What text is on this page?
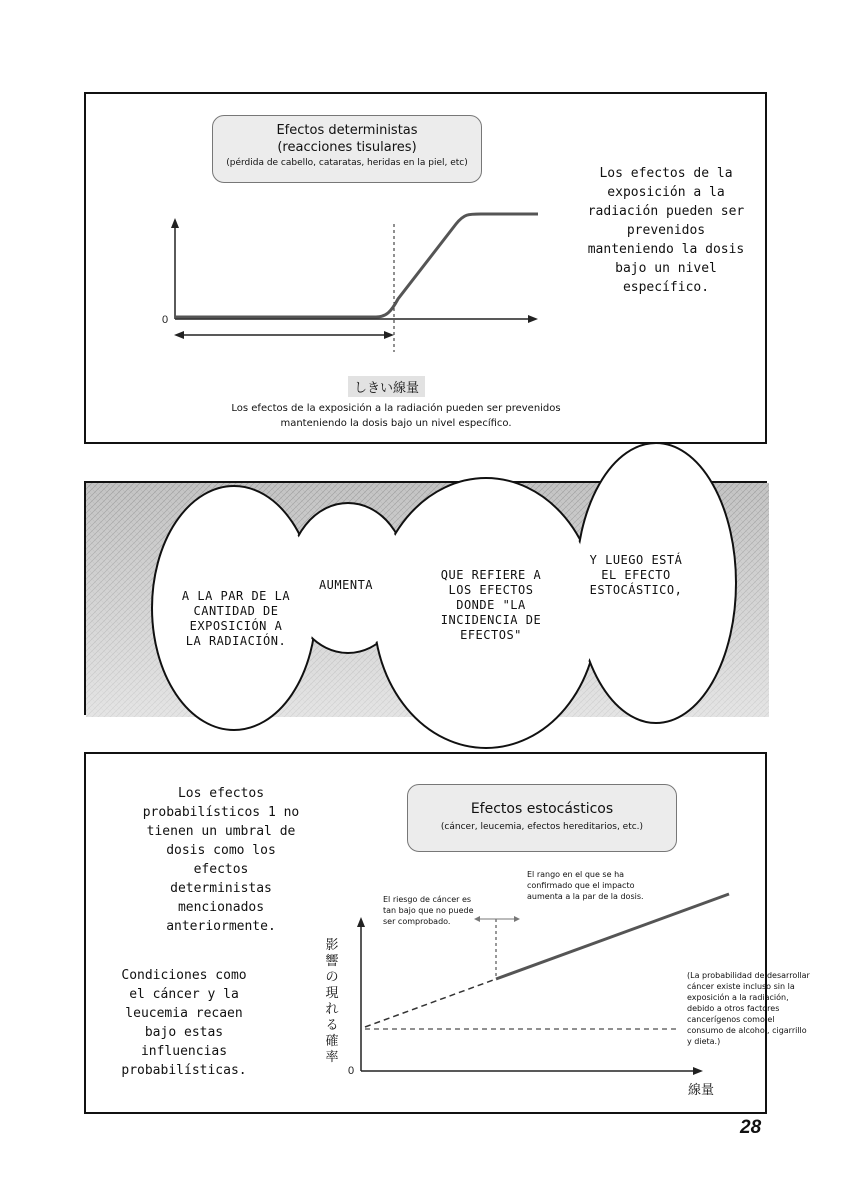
Efectos deterministas
(reacciones tisulares)
(pérdida de cabello, cataratas, heridas en la piel, etc)
0
しきい線量
Los efectos de la exposición a la radiación pueden ser prevenidos manteniendo la dosis bajo un nivel específico.
Los efectos de la exposición a la radiación pueden ser prevenidos manteniendo la dosis bajo un nivel específico.
A LA PAR DE LA CANTIDAD DE EXPOSICIÓN A LA RADIACIÓN.
AUMENTA
QUE REFIERE A LOS EFECTOS DONDE "LA INCIDENCIA DE EFECTOS"
Y LUEGO ESTÁ EL EFECTO ESTOCÁSTICO,
Los efectos probabilísticos 1 no tienen un umbral de dosis como los efectos deterministas mencionados anteriormente.
Condiciones como el cáncer y la leucemia recaen bajo estas influencias probabilísticas.
Efectos estocásticos
(cáncer, leucemia, efectos hereditarios, etc.)
El rango en el que se ha confirmado que el impacto aumenta a la par de la dosis.
El riesgo de cáncer es tan bajo que no puede ser comprobado.
(La probabilidad de desarrollar cáncer existe incluso sin la exposición a la radiación, debido a otros factores cancerígenos como el consumo de alcohol, cigarrillo y dieta.)
0
影響の現れる確率
線量
28
